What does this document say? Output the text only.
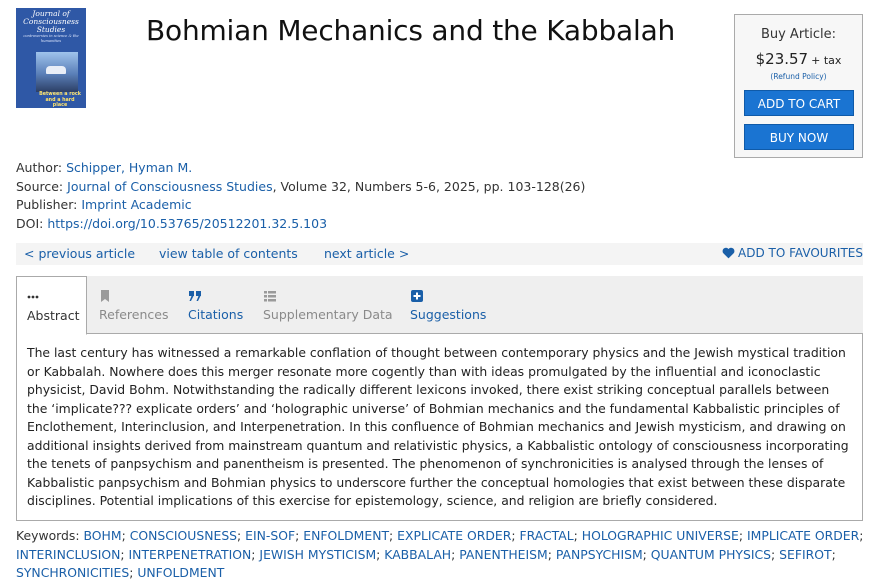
Journal of Consciousness Studies
controversies in science & the humanities
Between a rock and a hard place
Bohmian Mechanics and the Kabbalah	Buy Article:
$23.57 + tax
(Refund Policy)
ADD TO CART
BUY NOW
Author: Schipper, Hyman M.
Source: Journal of Consciousness Studies, Volume 32, Numbers 5-6, 2025, pp. 103-128(26)
Publisher: Imprint Academic
DOI: https://doi.org/10.53765/20512201.32.5.103
< previous article view table of contents next article >	ADD TO FAVOURITES
Abstract References Citations Supplementary Data Suggestions

The last century has witnessed a remarkable conflation of thought between contemporary physics and the Jewish mystical tradition or Kabbalah. Nowhere does this merger resonate more cogently than with ideas promulgated by the influential and iconoclastic physicist, David Bohm. Notwithstanding the radically different lexicons invoked, there exist striking conceptual parallels between the ‘implicate??? explicate orders’ and ‘holographic universe’ of Bohmian mechanics and the fundamental Kabbalistic principles of Enclothement, Interinclusion, and Interpenetration. In this confluence of Bohmian mechanics and Jewish mysticism, and drawing on additional insights derived from mainstream quantum and relativistic physics, a Kabbalistic ontology of consciousness incorporating the tenets of panpsychism and panentheism is presented. The phenomenon of synchronicities is analysed through the lenses of Kabbalistic panpsychism and Bohmian physics to underscore further the conceptual homologies that exist between these disparate disciplines. Potential implications of this exercise for epistemology, science, and religion are briefly considered.

Keywords: BOHM; CONSCIOUSNESS; EIN-SOF; ENFOLDMENT; EXPLICATE ORDER; FRACTAL; HOLOGRAPHIC UNIVERSE; IMPLICATE ORDER; INTERINCLUSION; INTERPENETRATION; JEWISH MYSTICISM; KABBALAH; PANENTHEISM; PANPSYCHISM; QUANTUM PHYSICS; SEFIROT; SYNCHRONICITIES; UNFOLDMENT
